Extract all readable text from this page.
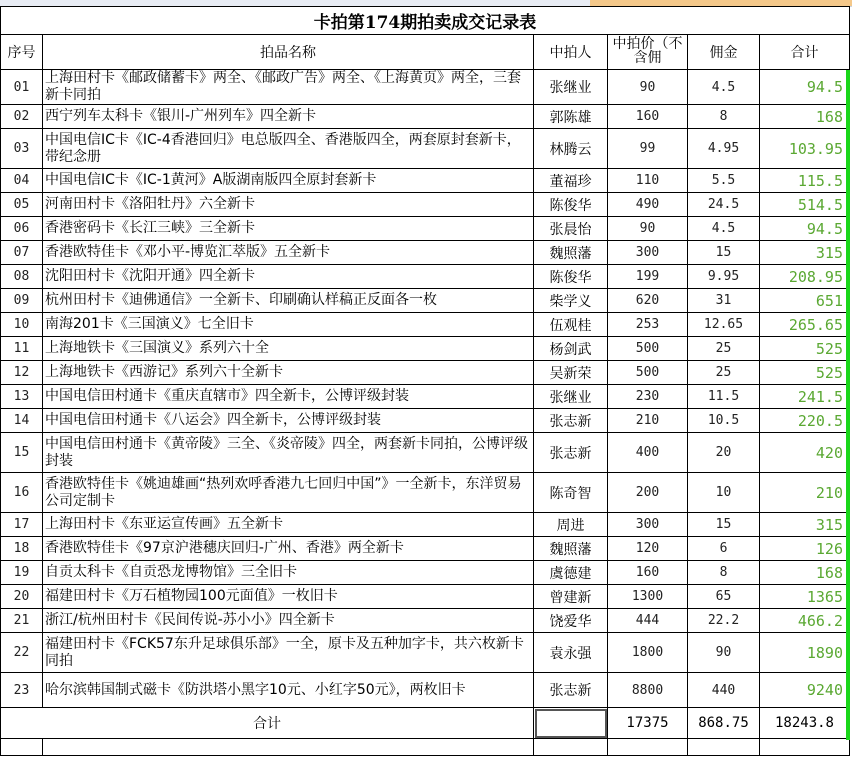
卡拍第174期拍卖成交记录表					
序号	拍品名称	中拍人	中拍价（不含佣	佣金	合计
01	上海田村卡《邮政储蓄卡》两全、《邮政广告》两全、《上海黄页》两全，三套新卡同拍	张继业	90	4.5	94.5
02	西宁列车太科卡《银川-广州列车》四全新卡	郭陈雄	160	8	168
03	中国电信IC卡《IC-4香港回归》电总版四全、香港版四全，两套原封套新卡，带纪念册	林腾云	99	4.95	103.95
04	中国电信IC卡《IC-1黄河》A版湖南版四全原封套新卡	董福珍	110	5.5	115.5
05	河南田村卡《洛阳牡丹》六全新卡	陈俊华	490	24.5	514.5
06	香港密码卡《长江三峡》三全新卡	张晨怡	90	4.5	94.5
07	香港欧特佳卡《邓小平-博览汇萃版》五全新卡	魏照藩	300	15	315
08	沈阳田村卡《沈阳开通》四全新卡	陈俊华	199	9.95	208.95
09	杭州田村卡《迪佛通信》一全新卡、印刷确认样稿正反面各一枚	柴学义	620	31	651
10	南海201卡《三国演义》七全旧卡	伍观桂	253	12.65	265.65
11	上海地铁卡《三国演义》系列六十全	杨剑武	500	25	525
12	上海地铁卡《西游记》系列六十全新卡	吴新荣	500	25	525
13	中国电信田村通卡《重庆直辖市》四全新卡，公博评级封装	张继业	230	11.5	241.5
14	中国电信田村通卡《八运会》四全新卡，公博评级封装	张志新	210	10.5	220.5
15	中国电信田村通卡《黄帝陵》三全、《炎帝陵》四全，两套新卡同拍，公博评级封装	张志新	400	20	420
16	香港欧特佳卡《姚迪雄画“热列欢呼香港九七回归中国”》一全新卡，东洋贸易公司定制卡	陈奇智	200	10	210
17	上海田村卡《东亚运宣传画》五全新卡	周进	300	15	315
18	香港欧特佳卡《97京沪港穗庆回归-广州、香港》两全新卡	魏照藩	120	6	126
19	自贡太科卡《自贡恐龙博物馆》三全旧卡	虞德建	160	8	168
20	福建田村卡《万石植物园100元面值》一枚旧卡	曾建新	1300	65	1365
21	浙江/杭州田村卡《民间传说-苏小小》四全新卡	饶爱华	444	22.2	466.2
22	福建田村卡《FCK57东升足球俱乐部》一全，原卡及五种加字卡，共六枚新卡同拍	袁永强	1800	90	1890
23	哈尔滨韩国制式磁卡《防洪塔小黑字10元、小红字50元》，两枚旧卡	张志新	8800	440	9240
合计			17375	868.75	18243.8
